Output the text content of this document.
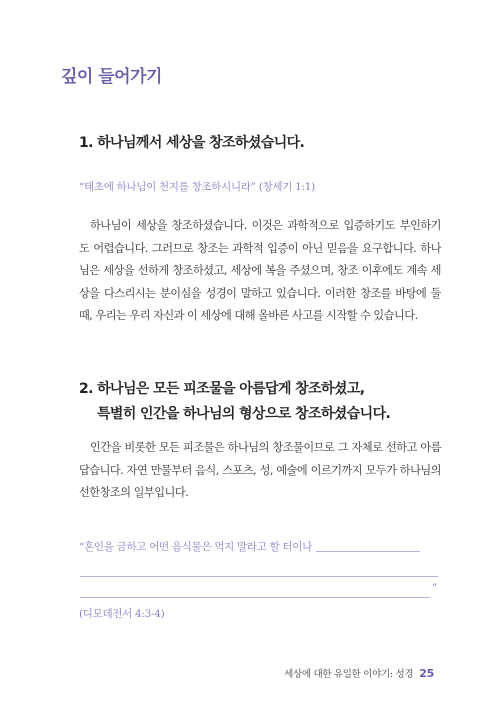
깊이 들어가기
1. 하나님께서 세상을 창조하셨습니다.
“태초에 하나님이 천지를 창조하시니라” (창세기 1:1)

하나님이 세상을 창조하셨습니다. 이것은 과학적으로 입증하기도 부인하기도 어렵습니다. 그러므로 창조는 과학적 입증이 아닌 믿음을 요구합니다. 하나님은 세상을 선하게 창조하셨고, 세상에 복을 주셨으며, 창조 이후에도 계속 세상을 다스리시는 분이심을 성경이 말하고 있습니다. 이러한 창조를 바탕에 둘 때, 우리는 우리 자신과 이 세상에 대해 올바른 사고를 시작할 수 있습니다.

2. 하나님은 모든 피조물을 아름답게 창조하셨고,
특별히 인간을 하나님의 형상으로 창조하셨습니다.

인간을 비롯한 모든 피조물은 하나님의 창조물이므로 그 자체로 선하고 아름답습니다. 자연 만물부터 음식, 스포츠, 성, 예술에 이르기까지 모두가 하나님의 선한창조의 일부입니다.

“혼인을 금하고 어떤 음식물은 먹지 말라고 할 터이나
”
(디모데전서 4:3-4)
세상에 대한 유일한 이야기: 성경 25
